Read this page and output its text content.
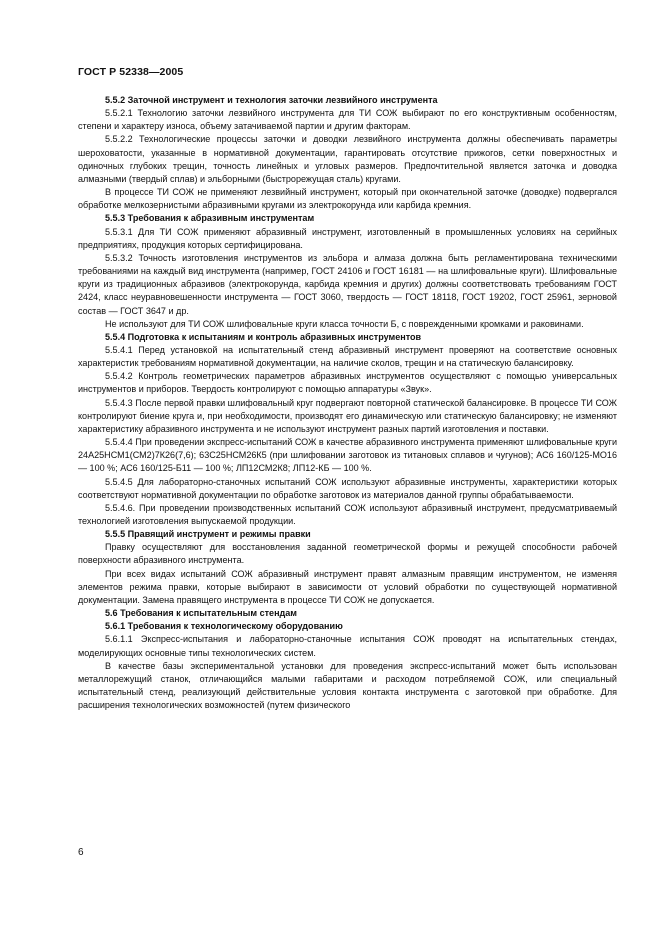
ГОСТ Р 52338—2005

5.5.2 Заточной инструмент и технология заточки лезвийного инструмента

5.5.2.1 Технологию заточки лезвийного инструмента для ТИ СОЖ выбирают по его конструктивным особенностям, степени и характеру износа, объему затачиваемой партии и другим факторам.

5.5.2.2 Технологические процессы заточки и доводки лезвийного инструмента должны обеспечивать параметры шероховатости, указанные в нормативной документации, гарантировать отсутствие прижогов, сетки поверхностных и одиночных глубоких трещин, точность линейных и угловых размеров. Предпочтительной является заточка и доводка алмазными (твердый сплав) и эльборными (быстрорежущая сталь) кругами.

В процессе ТИ СОЖ не применяют лезвийный инструмент, который при окончательной заточке (доводке) подвергался обработке мелкозернистыми абразивными кругами из электрокорунда или карбида кремния.

5.5.3 Требования к абразивным инструментам

5.5.3.1 Для ТИ СОЖ применяют абразивный инструмент, изготовленный в промышленных условиях на серийных предприятиях, продукция которых сертифицирована.

5.5.3.2 Точность изготовления инструментов из эльбора и алмаза должна быть регламентирована техническими требованиями на каждый вид инструмента (например, ГОСТ 24106 и ГОСТ 16181 — на шлифовальные круги). Шлифовальные круги из традиционных абразивов (электрокорунда, карбида кремния и других) должны соответствовать требованиям ГОСТ 2424, класс неуравновешенности инструмента — ГОСТ 3060, твердость — ГОСТ 18118, ГОСТ 19202, ГОСТ 25961, зерновой состав — ГОСТ 3647 и др.

Не используют для ТИ СОЖ шлифовальные круги класса точности Б, с поврежденными кромками и раковинами.

5.5.4 Подготовка к испытаниям и контроль абразивных инструментов

5.5.4.1 Перед установкой на испытательный стенд абразивный инструмент проверяют на соответствие основных характеристик требованиям нормативной документации, на наличие сколов, трещин и на статическую балансировку.

5.5.4.2 Контроль геометрических параметров абразивных инструментов осуществляют с помощью универсальных инструментов и приборов. Твердость контролируют с помощью аппаратуры «Звук».

5.5.4.3 После первой правки шлифовальный круг подвергают повторной статической балансировке. В процессе ТИ СОЖ контролируют биение круга и, при необходимости, производят его динамическую или статическую балансировку; не изменяют характеристику абразивного инструмента и не используют инструмент разных партий изготовления и поставки.

5.5.4.4 При проведении экспресс-испытаний СОЖ в качестве абразивного инструмента применяют шлифовальные круги 24А25НСМ1(СМ2)7К26(7,6); 63С25НСМ26К5 (при шлифовании заготовок из титановых сплавов и чугунов); АС6 160/125-МО16 — 100 %; АС6 160/125-Б11 — 100 %; ЛП12СМ2К8; ЛП12-КБ — 100 %.

5.5.4.5 Для лабораторно-станочных испытаний СОЖ используют абразивные инструменты, характеристики которых соответствуют нормативной документации по обработке заготовок из материалов данной группы обрабатываемости.

5.5.4.6. При проведении производственных испытаний СОЖ используют абразивный инструмент, предусматриваемый технологией изготовления выпускаемой продукции.

5.5.5 Правящий инструмент и режимы правки

Правку осуществляют для восстановления заданной геометрической формы и режущей способности рабочей поверхности абразивного инструмента.

При всех видах испытаний СОЖ абразивный инструмент правят алмазным правящим инструментом, не изменяя элементов режима правки, которые выбирают в зависимости от условий обработки по существующей нормативной документации. Замена правящего инструмента в процессе ТИ СОЖ не допускается.

5.6 Требования к испытательным стендам

5.6.1 Требования к технологическому оборудованию

5.6.1.1 Экспресс-испытания и лабораторно-станочные испытания СОЖ проводят на испытательных стендах, моделирующих основные типы технологических систем.

В качестве базы экспериментальной установки для проведения экспресс-испытаний может быть использован металлорежущий станок, отличающийся малыми габаритами и расходом потребляемой СОЖ, или специальный испытательный стенд, реализующий действительные условия контакта инструмента с заготовкой при обработке. Для расширения технологических возможностей (путем физического

6
